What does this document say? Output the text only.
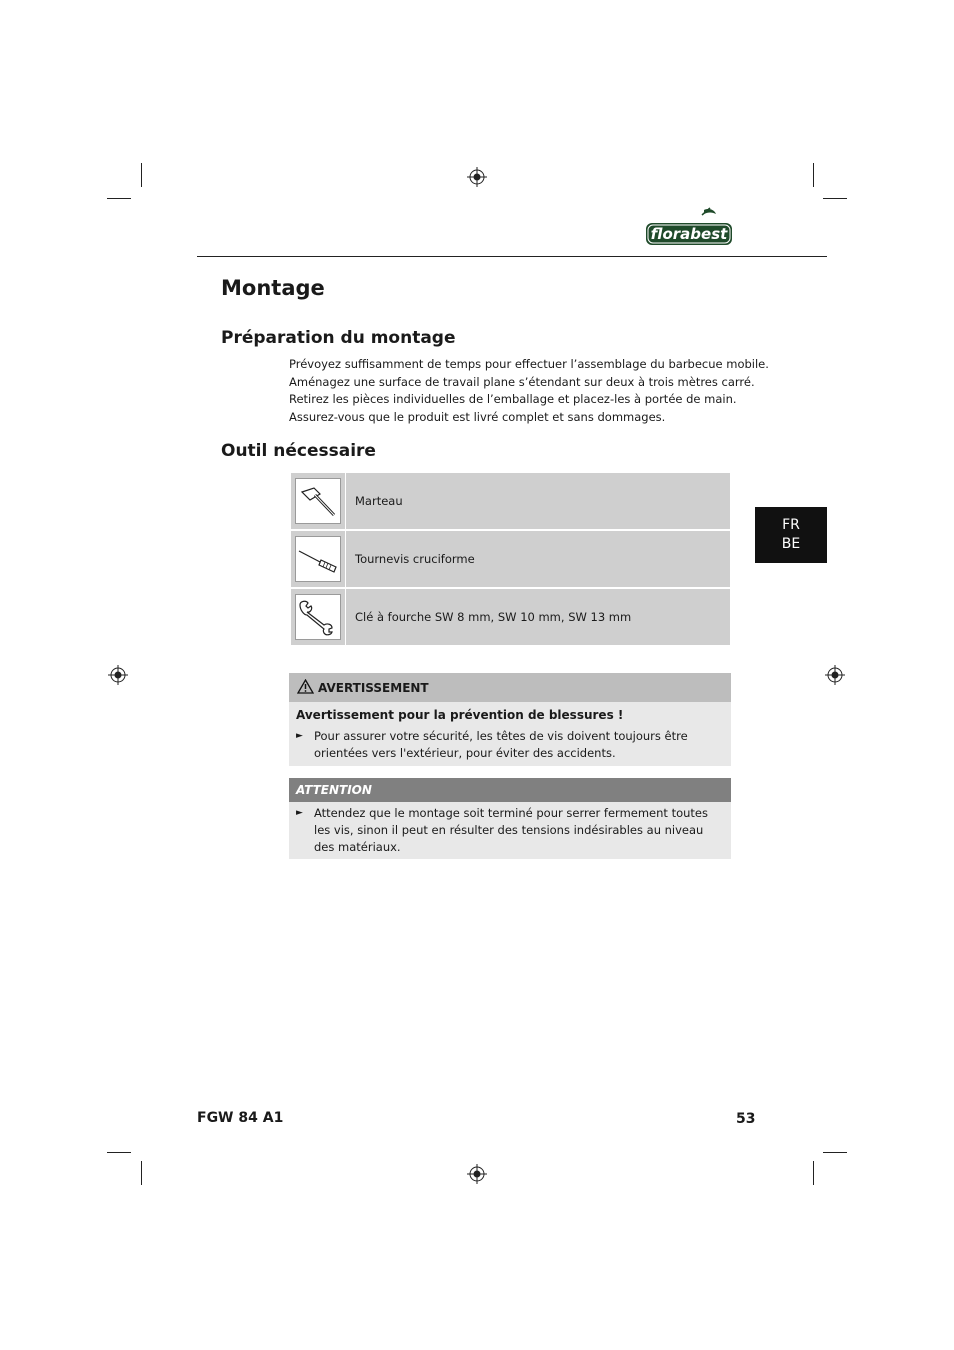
florabest
Montage
Préparation du montage

Prévoyez suffisamment de temps pour effectuer l’assemblage du barbecue mobile.

Aménagez une surface de travail plane s’étendant sur deux à trois mètres carré.

Retirez les pièces individuelles de l’emballage et placez-les à portée de main.

Assurez-vous que le produit est livré complet et sans dommages.

Outil nécessaire
Marteau
Tournevis cruciforme
Clé à fourche SW 8 mm, SW 10 mm, SW 13 mm
FR
BE
AVERTISSEMENT
Avertissement pour la prévention de blessures !
► Pour assurer votre sécurité, les têtes de vis doivent toujours être orientées vers l'extérieur, pour éviter des accidents.
ATTENTION
► Attendez que le montage soit terminé pour serrer fermement toutes les vis, sinon il peut en résulter des tensions indésirables au niveau des matériaux.
FGW 84 A1	53
